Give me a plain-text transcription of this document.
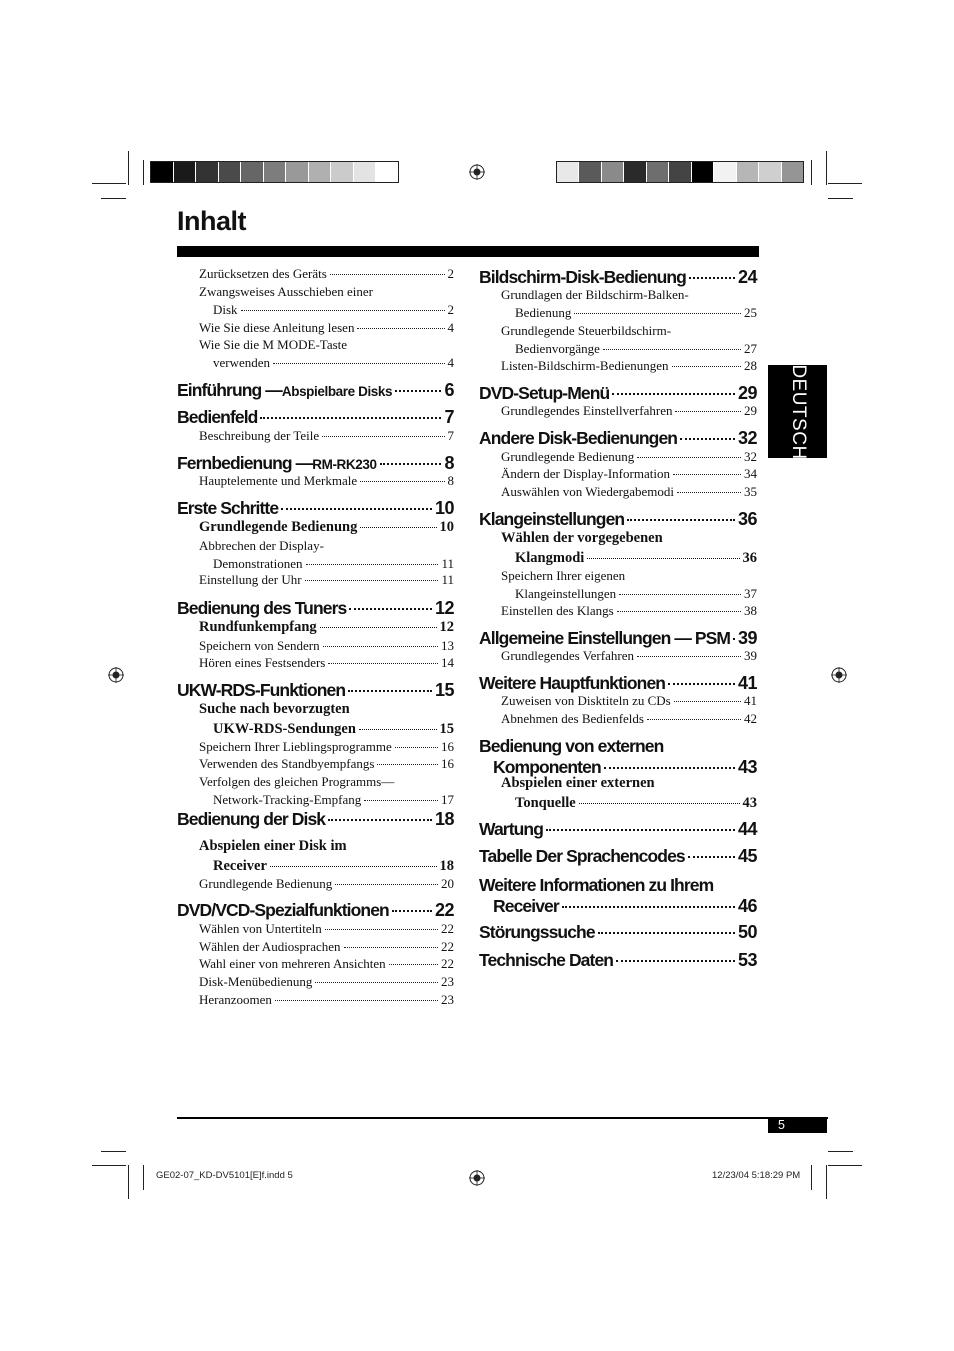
Inhalt
DEUTSCH
Zurücksetzen des Geräts	2
Zwangsweises Ausschieben einer
Disk	2
Wie Sie diese Anleitung lesen	4
Wie Sie die M MODE-Taste
verwenden	4
Einführung — Abspielbare Disks	6
Bedienfeld	7
Beschreibung der Teile	7
Fernbedienung — RM-RK230	8
Hauptelemente und Merkmale	8
Erste Schritte	10
Grundlegende Bedienung	10
Abbrechen der Display-
Demonstrationen	11
Einstellung der Uhr	11
Bedienung des Tuners	12
Rundfunkempfang	12
Speichern von Sendern	13
Hören eines Festsenders	14
UKW-RDS-Funktionen	15
Suche nach bevorzugten
UKW-RDS-Sendungen	15
Speichern Ihrer Lieblingsprogramme	16
Verwenden des Standbyempfangs	16
Verfolgen des gleichen Programms—
Network-Tracking-Empfang	17
Bedienung der Disk	18
Abspielen einer Disk im
Receiver	18
Grundlegende Bedienung	20
DVD/VCD-Spezialfunktionen	22
Wählen von Untertiteln	22
Wählen der Audiosprachen	22
Wahl einer von mehreren Ansichten	22
Disk-Menübedienung	23
Heranzoomen	23
Bildschirm-Disk-Bedienung	24
Grundlagen der Bildschirm-Balken-
Bedienung	25
Grundlegende Steuerbildschirm-
Bedienvorgänge	27
Listen-Bildschirm-Bedienungen	28
DVD-Setup-Menü	29
Grundlegendes Einstellverfahren	29
Andere Disk-Bedienungen	32
Grundlegende Bedienung	32
Ändern der Display-Information	34
Auswählen von Wiedergabemodi	35
Klangeinstellungen	36
Wählen der vorgegebenen
Klangmodi	36
Speichern Ihrer eigenen
Klangeinstellungen	37
Einstellen des Klangs	38
Allgemeine Einstellungen — PSM 39
Grundlegendes Verfahren	39
Weitere Hauptfunktionen	41
Zuweisen von Disktiteln zu CDs	41
Abnehmen des Bedienfelds	42
Bedienung von externen
Komponenten	43
Abspielen einer externen
Tonquelle	43
Wartung	44
Tabelle Der Sprachencodes	45
Weitere Informationen zu Ihrem
Receiver	46
Störungssuche	50
Technische Daten	53
5
GE02-07_KD-DV5101[E]f.indd 5	12/23/04 5:18:29 PM
